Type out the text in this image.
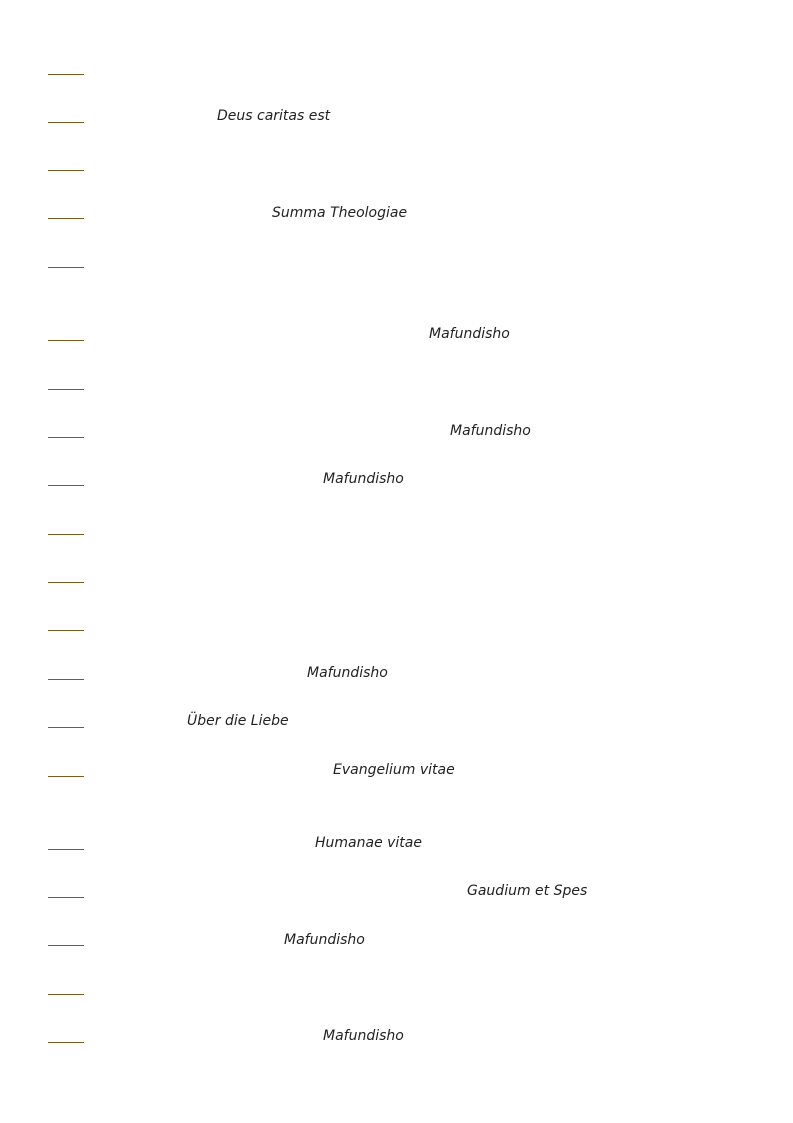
Deus caritas est
Summa Theologiae
Mafundisho
Mafundisho
Mafundisho
Mafundisho
Über die Liebe
Evangelium vitae
Humanae vitae
Gaudium et Spes
Mafundisho
Mafundisho
